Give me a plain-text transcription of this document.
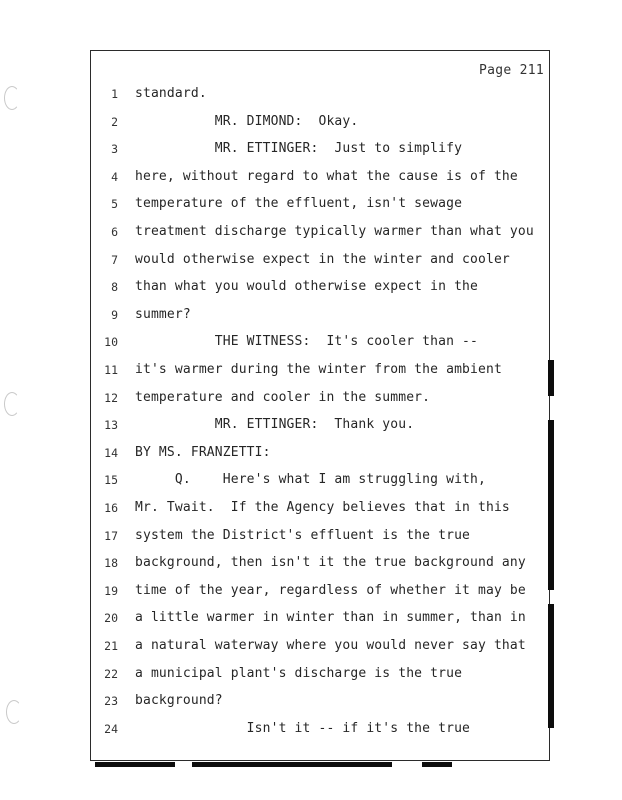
Page 211
1 standard.
2 MR. DIMOND:  Okay.
3 MR. ETTINGER:  Just to simplify
4 here, without regard to what the cause is of the
5 temperature of the effluent, isn't sewage
6 treatment discharge typically warmer than what you
7 would otherwise expect in the winter and cooler
8 than what you would otherwise expect in the
9 summer?
10 THE WITNESS:  It's cooler than --
11 it's warmer during the winter from the ambient
12 temperature and cooler in the summer.
13 MR. ETTINGER:  Thank you.
14 BY MS. FRANZETTI:
15 Q.    Here's what I am struggling with,
16 Mr. Twait.  If the Agency believes that in this
17 system the District's effluent is the true
18 background, then isn't it the true background any
19 time of the year, regardless of whether it may be
20 a little warmer in winter than in summer, than in
21 a natural waterway where you would never say that
22 a municipal plant's discharge is the true
23 background?
24 Isn't it -- if it's the true
